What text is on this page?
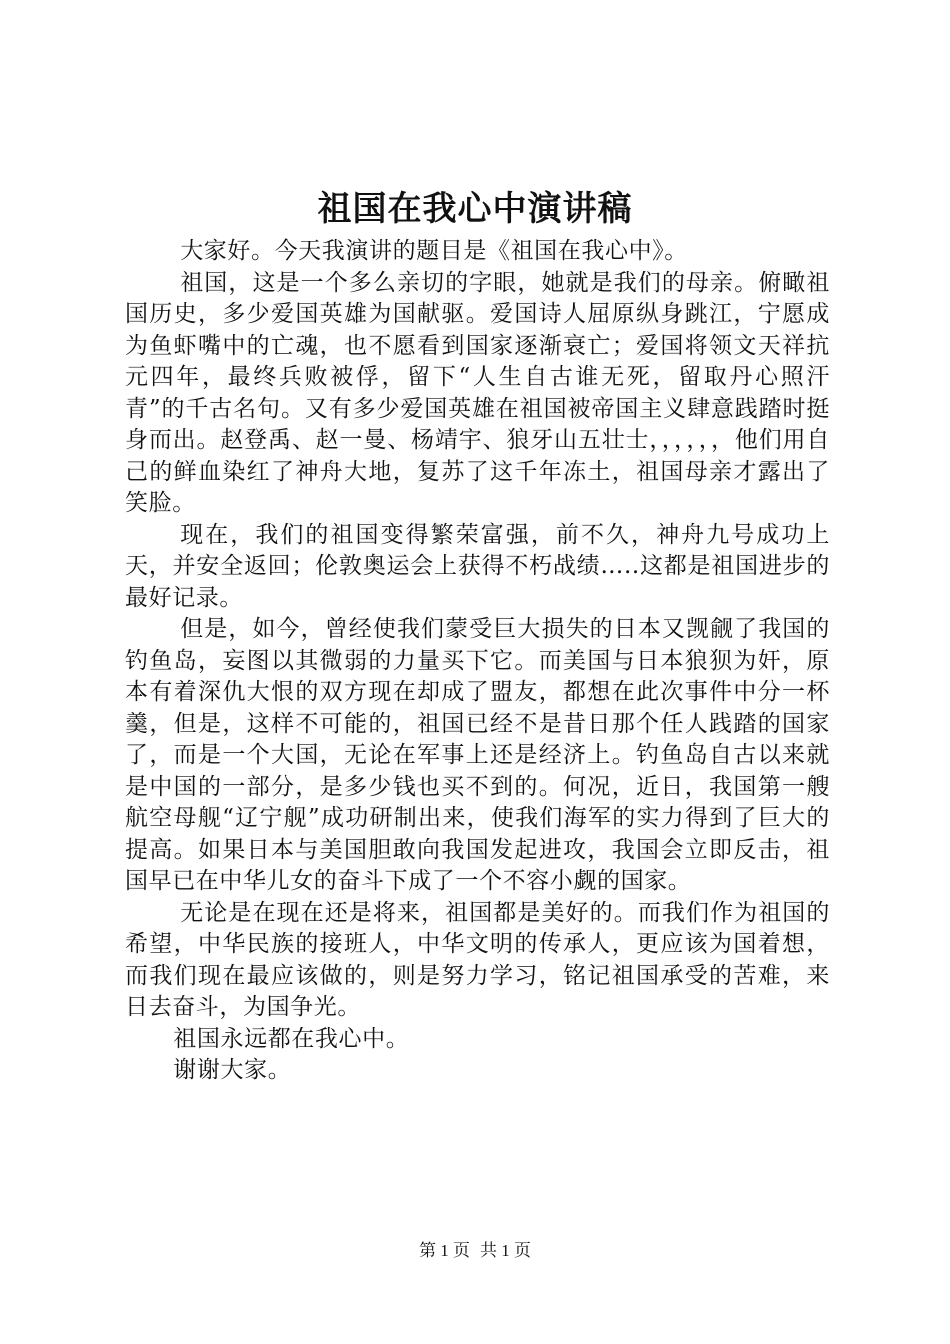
祖国在我心中演讲稿

大家好。今天我演讲的题目是《祖国在我心中》。

祖国，这是一个多么亲切的字眼，她就是我们的母亲。俯瞰祖国历史，多少爱国英雄为国献驱。爱国诗人屈原纵身跳江，宁愿成为鱼虾嘴中的亡魂，也不愿看到国家逐渐衰亡；爱国将领文天祥抗元四年，最终兵败被俘，留下“人生自古谁无死，留取丹心照汗青”的千古名句。又有多少爱国英雄在祖国被帝国主义肆意践踏时挺身而出。赵登禹、赵一曼、杨靖宇、狼牙山五壮士，，，，，，他们用自己的鲜血染红了神舟大地，复苏了这千年冻土，祖国母亲才露出了笑脸。

现在，我们的祖国变得繁荣富强，前不久，神舟九号成功上天，并安全返回；伦敦奥运会上获得不朽战绩…..这都是祖国进步的最好记录。

但是，如今，曾经使我们蒙受巨大损失的日本又觊觎了我国的钓鱼岛，妄图以其微弱的力量买下它。而美国与日本狼狈为奸，原本有着深仇大恨的双方现在却成了盟友，都想在此次事件中分一杯羹，但是，这样不可能的，祖国已经不是昔日那个任人践踏的国家了，而是一个大国，无论在军事上还是经济上。钓鱼岛自古以来就是中国的一部分，是多少钱也买不到的。何况，近日，我国第一艘航空母舰“辽宁舰”成功研制出来，使我们海军的实力得到了巨大的提高。如果日本与美国胆敢向我国发起进攻，我国会立即反击，祖国早已在中华儿女的奋斗下成了一个不容小觑的国家。

无论是在现在还是将来，祖国都是美好的。而我们作为祖国的希望，中华民族的接班人，中华文明的传承人，更应该为国着想，而我们现在最应该做的，则是努力学习，铭记祖国承受的苦难，来日去奋斗，为国争光。

祖国永远都在我心中。

谢谢大家。

第 1 页 共 1 页
